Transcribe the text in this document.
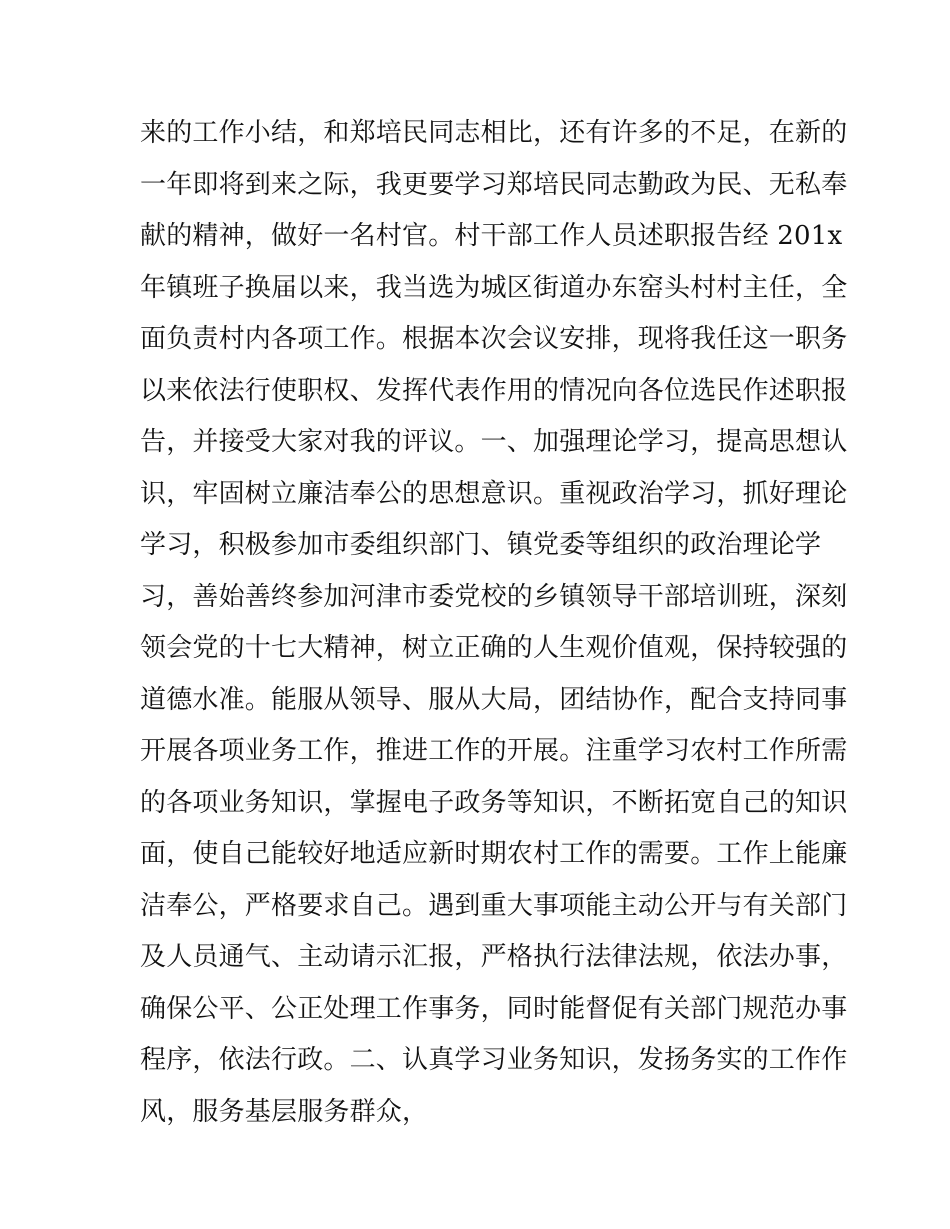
来的工作小结，和郑培民同志相比，还有许多的不足，在新的
一年即将到来之际，我更要学习郑培民同志勤政为民、无私奉
献的精神，做好一名村官。村干部工作人员述职报告经 201x
年镇班子换届以来，我当选为城区街道办东窑头村村主任，全
面负责村内各项工作。根据本次会议安排，现将我任这一职务
以来依法行使职权、发挥代表作用的情况向各位选民作述职报
告，并接受大家对我的评议。一、加强理论学习，提高思想认
识，牢固树立廉洁奉公的思想意识。重视政治学习，抓好理论
学习，积极参加市委组织部门、镇党委等组织的政治理论学
习，善始善终参加河津市委党校的乡镇领导干部培训班，深刻
领会党的十七大精神，树立正确的人生观价值观，保持较强的
道德水准。能服从领导、服从大局，团结协作，配合支持同事
开展各项业务工作，推进工作的开展。注重学习农村工作所需
的各项业务知识，掌握电子政务等知识，不断拓宽自己的知识
面，使自己能较好地适应新时期农村工作的需要。工作上能廉
洁奉公，严格要求自己。遇到重大事项能主动公开与有关部门
及人员通气、主动请示汇报，严格执行法律法规，依法办事，
确保公平、公正处理工作事务，同时能督促有关部门规范办事
程序，依法行政。二、认真学习业务知识，发扬务实的工作作
风，服务基层服务群众，
